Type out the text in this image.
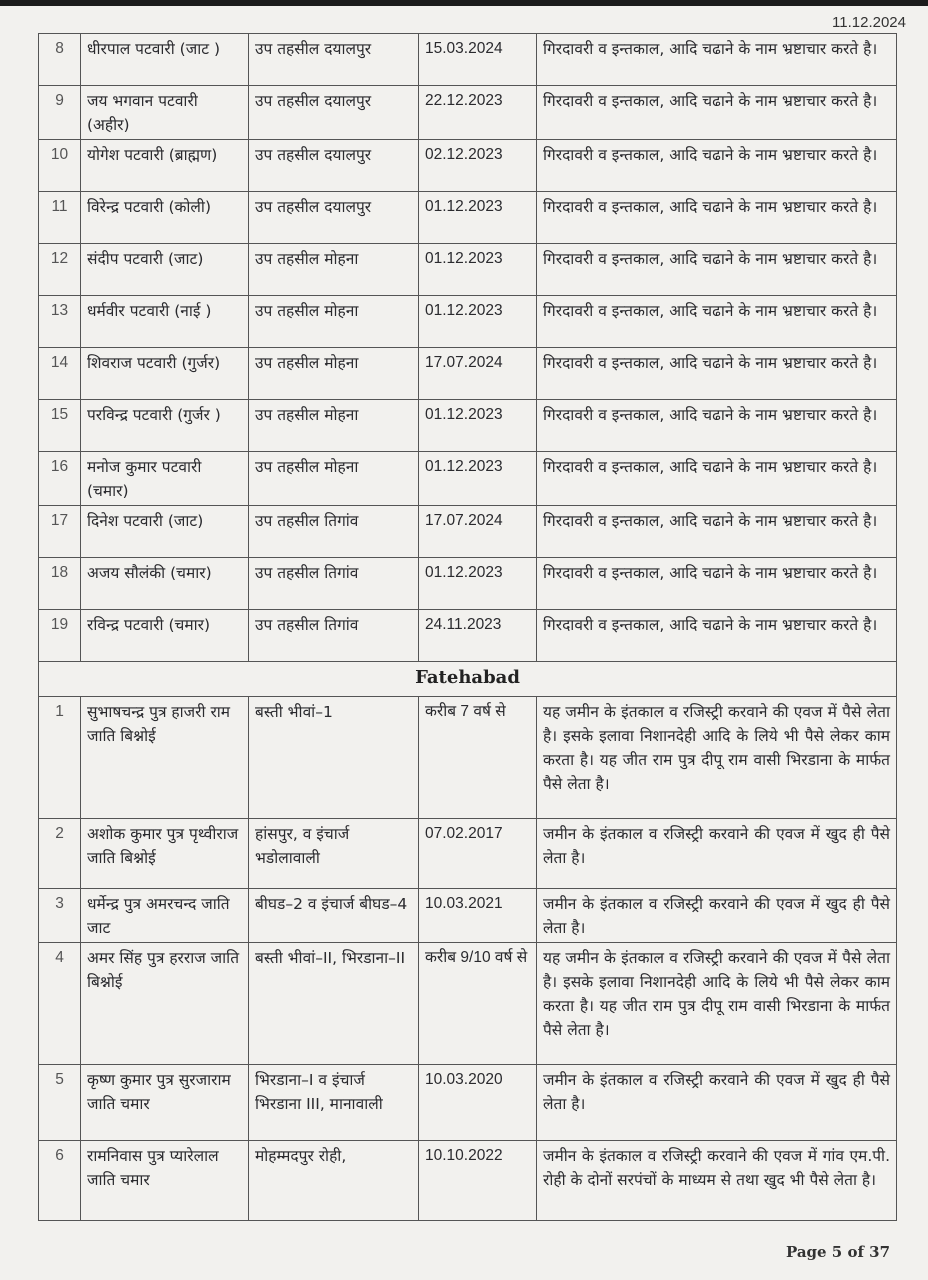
11.12.2024
8	धीरपाल पटवारी (जाट )	उप तहसील दयालपुर	15.03.2024	गिरदावरी व इन्तकाल, आदि चढाने के नाम भ्रष्टाचार करते है।
9	जय भगवान पटवारी (अहीर)	उप तहसील दयालपुर	22.12.2023	गिरदावरी व इन्तकाल, आदि चढाने के नाम भ्रष्टाचार करते है।
10	योगेश पटवारी (ब्राह्मण)	उप तहसील दयालपुर	02.12.2023	गिरदावरी व इन्तकाल, आदि चढाने के नाम भ्रष्टाचार करते है।
11	विरेन्द्र पटवारी (कोली)	उप तहसील दयालपुर	01.12.2023	गिरदावरी व इन्तकाल, आदि चढाने के नाम भ्रष्टाचार करते है।
12	संदीप पटवारी (जाट)	उप तहसील मोहना	01.12.2023	गिरदावरी व इन्तकाल, आदि चढाने के नाम भ्रष्टाचार करते है।
13	धर्मवीर पटवारी (नाई )	उप तहसील मोहना	01.12.2023	गिरदावरी व इन्तकाल, आदि चढाने के नाम भ्रष्टाचार करते है।
14	शिवराज पटवारी (गुर्जर)	उप तहसील मोहना	17.07.2024	गिरदावरी व इन्तकाल, आदि चढाने के नाम भ्रष्टाचार करते है।
15	परविन्द्र पटवारी (गुर्जर )	उप तहसील मोहना	01.12.2023	गिरदावरी व इन्तकाल, आदि चढाने के नाम भ्रष्टाचार करते है।
16	मनोज कुमार पटवारी (चमार)	उप तहसील मोहना	01.12.2023	गिरदावरी व इन्तकाल, आदि चढाने के नाम भ्रष्टाचार करते है।
17	दिनेश पटवारी (जाट)	उप तहसील तिगांव	17.07.2024	गिरदावरी व इन्तकाल, आदि चढाने के नाम भ्रष्टाचार करते है।
18	अजय सौलंकी (चमार)	उप तहसील तिगांव	01.12.2023	गिरदावरी व इन्तकाल, आदि चढाने के नाम भ्रष्टाचार करते है।
19	रविन्द्र पटवारी (चमार)	उप तहसील तिगांव	24.11.2023	गिरदावरी व इन्तकाल, आदि चढाने के नाम भ्रष्टाचार करते है।
Fatehabad				
1	सुभाषचन्द्र पुत्र हाजरी राम जाति बिश्नोई	बस्ती भीवां–1	करीब 7 वर्ष से	यह जमीन के इंतकाल व रजिस्ट्री करवाने की एवज में पैसे लेता है। इसके इलावा निशानदेही आदि के लिये भी पैसे लेकर काम करता है। यह जीत राम पुत्र दीपू राम वासी भिरडाना के मार्फत पैसे लेता है।
2	अशोक कुमार पुत्र पृथ्वीराज जाति बिश्नोई	हांसपुर, व इंचार्ज भडोलावाली	07.02.2017	जमीन के इंतकाल व रजिस्ट्री करवाने की एवज में खुद ही पैसे लेता है।
3	धर्मेन्द्र पुत्र अमरचन्द जाति जाट	बीघड–2 व इंचार्ज बीघड–4	10.03.2021	जमीन के इंतकाल व रजिस्ट्री करवाने की एवज में खुद ही पैसे लेता है।
4	अमर सिंह पुत्र हरराज जाति बिश्नोई	बस्ती भीवां–II, भिरडाना–II	करीब 9/10 वर्ष से	यह जमीन के इंतकाल व रजिस्ट्री करवाने की एवज में पैसे लेता है। इसके इलावा निशानदेही आदि के लिये भी पैसे लेकर काम करता है। यह जीत राम पुत्र दीपू राम वासी भिरडाना के मार्फत पैसे लेता है।
5	कृष्ण कुमार पुत्र सुरजाराम जाति चमार	भिरडाना–I व इंचार्ज भिरडाना III, मानावाली	10.03.2020	जमीन के इंतकाल व रजिस्ट्री करवाने की एवज में खुद ही पैसे लेता है।
6	रामनिवास पुत्र प्यारेलाल जाति चमार	मोहम्मदपुर रोही,	10.10.2022	जमीन के इंतकाल व रजिस्ट्री करवाने की एवज में गांव एम.पी. रोही के दोनों सरपंचों के माध्यम से तथा खुद भी पैसे लेता है।
Page 5 of 37
